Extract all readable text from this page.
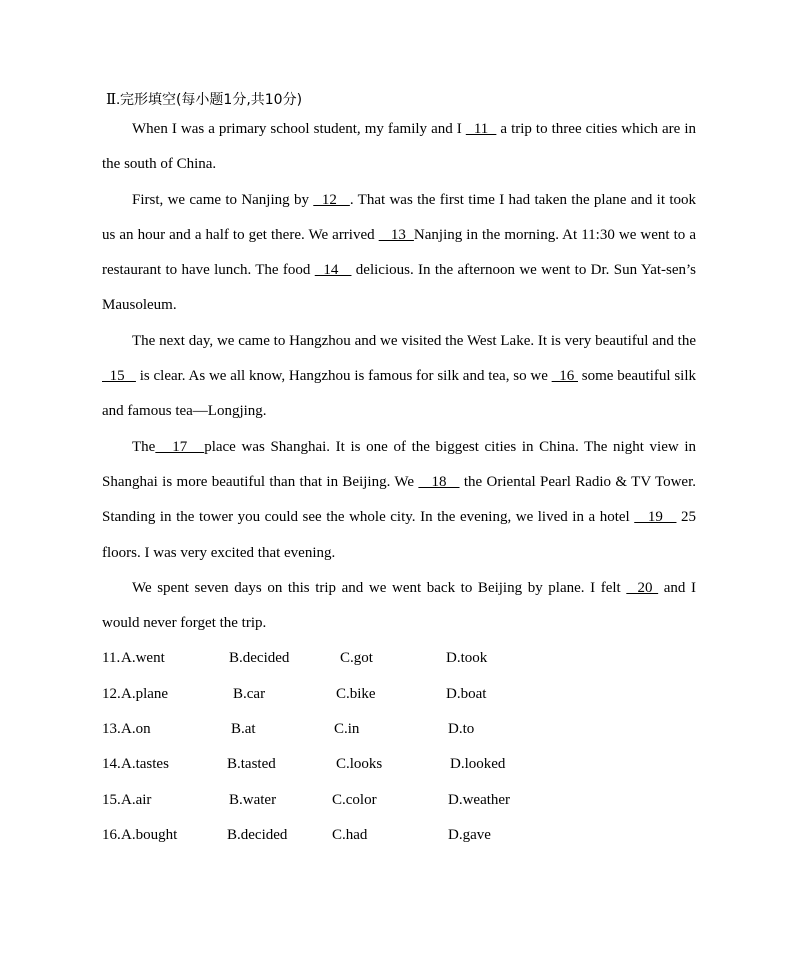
Ⅱ.完形填空(每小题1分,共10分)

When I was a primary school student, my family and I   11   a trip to three cities which are in the south of China.

First, we came to Nanjing by   12   . That was the first time I had taken the plane and it took us an hour and a half to get there. We arrived    13  Nanjing in the morning. At 11:30 we went to a restaurant to have lunch. The food   14    delicious. In the afternoon we went to Dr. Sun Yat-sen’s Mausoleum.

The next day, we came to Hangzhou and we visited the West Lake. It is very beautiful and the   15    is clear. As we all know, Hangzhou is famous for silk and tea, so we   16  some beautiful silk and famous tea—Longjing.

The   17   place was Shanghai. It is one of the biggest cities in China. The night view in Shanghai is more beautiful than that in Beijing. We    18    the Oriental Pearl Radio & TV Tower. Standing in the tower you could see the whole city. In the evening, we lived in a hotel    19    25 floors. I was very excited that evening.

We spent seven days on this trip and we went back to Beijing by plane. I felt   20  and I would never forget the trip.

11. A.went	B.decided	C.got	D.took
12. A.plane	B.car	C.bike	D.boat
13. A.on	B.at	C.in	D.to
14. A.tastes	B.tasted	C.looks	D.looked
15. A.air	B.water	C.color	D.weather
16. A.bought	B.decided	C.had	D.gave
